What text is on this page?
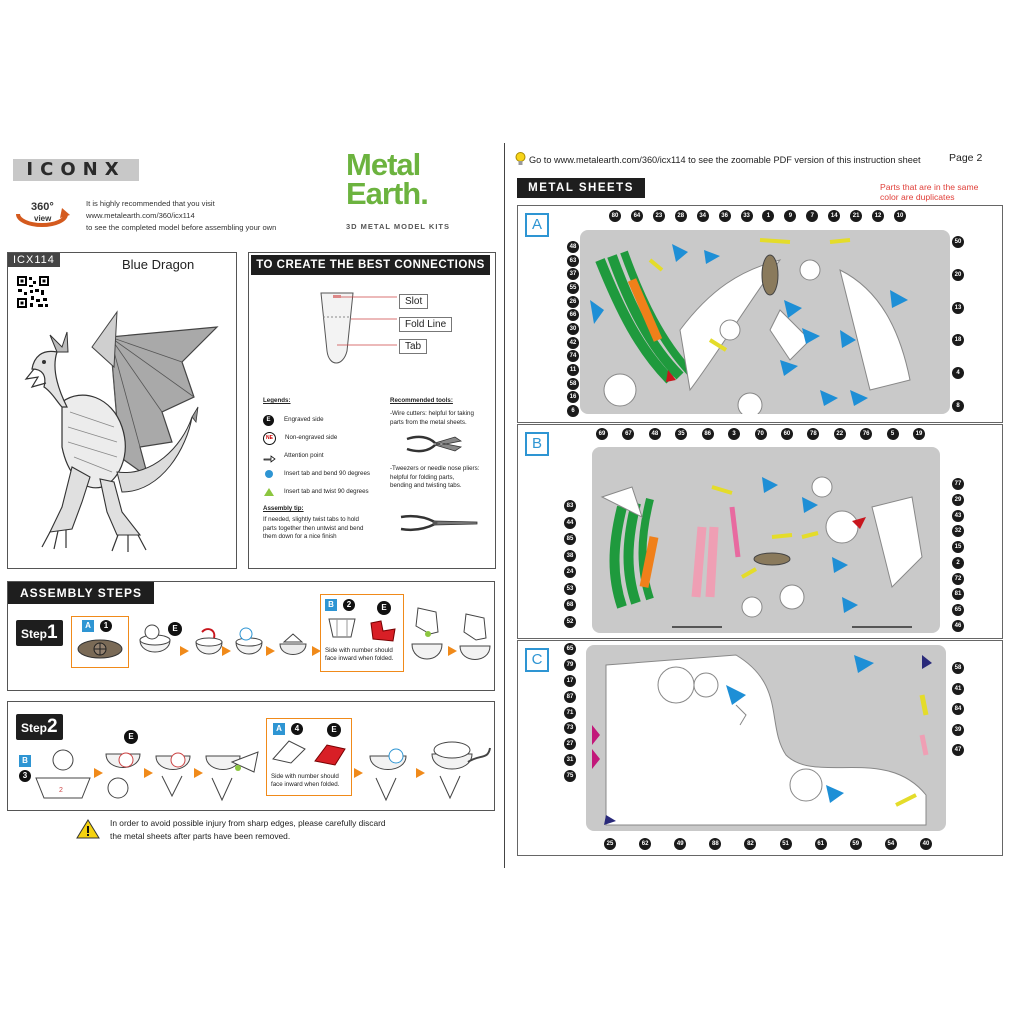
ICONX
360°
view
It is highly recommended that you visit
www.metalearth.com/360/icx114
to see the completed model before assembling your own
Metal
Earth.
3D METAL MODEL KITS
ICX114	Blue Dragon	TO CREATE THE BEST CONNECTIONS
Slot
Fold Line
Tab
Legends:
E	Engraved side
NE	Non-engraved side
Attention point
Insert tab and bend 90 degrees
Insert tab and twist 90 degrees
Assembly tip:
If needed, slightly twist tabs to hold
parts together then untwist and bend
them down for a nice finish
Recommended tools:
-Wire cutters: helpful for taking
parts from the metal sheets.
-Tweezers or needle nose pliers:
helpful for folding parts,
bending and twisting tabs.
ASSEMBLY STEPS
Step1	A	1	E
B	2	E
Side with number should
face inward when folded.
Step2
B
3
2
E
A	4	E
Side with number should
face inward when folded.
In order to avoid possible injury from sharp edges, please carefully discard
the metal sheets after parts have been removed.
Go to www.metalearth.com/360/icx114 to see the zoomable PDF version of this instruction sheet	Page 2
METAL SHEETS	Parts that are in the same
color are duplicates
A
B
C
80	64	23	28	34	36	33	1	9	7	14	21	12	10
48
63
37
55
26
66
30
42
74
11
58
16
6
50
20
13
18
4
8
69	67	48	35	86	3	70	60	78	22	76	5	19
83
44
85
38
24
53
68
52
77
29
43
32
15
2
72
81
65
46
65
79
17
87
71
73
27
31
75
58
41
84
39
47
25	62	49	88	82	51	61	59	54	40
